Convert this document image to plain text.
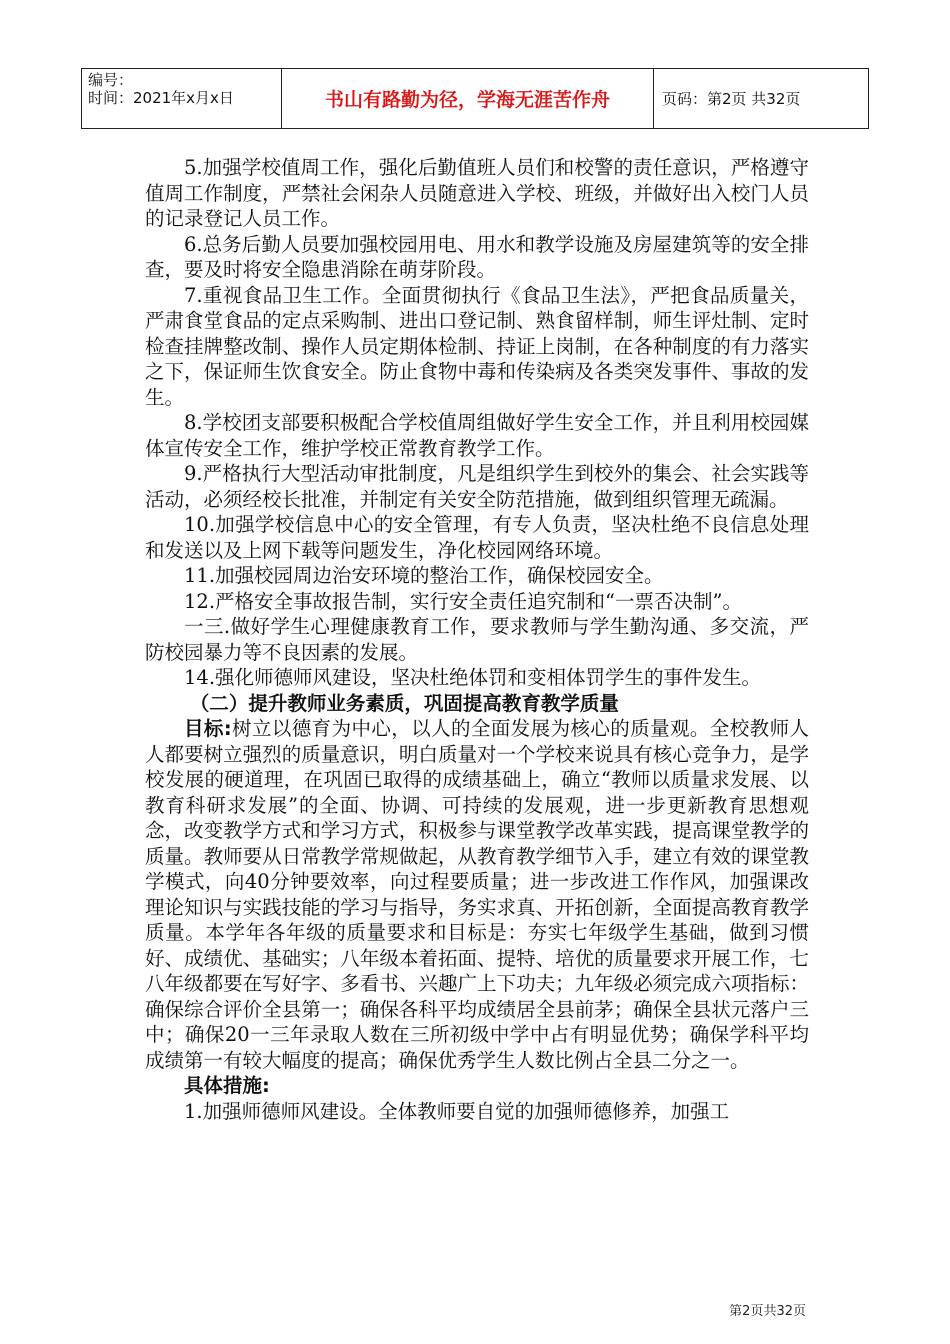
编号：
时间：2021年x月x日	书山有路勤为径，学海无涯苦作舟	页码：第2页 共32页

5.加强学校值周工作，强化后勤值班人员们和校警的责任意识，严格遵守值周工作制度，严禁社会闲杂人员随意进入学校、班级，并做好出入校门人员的记录登记人员工作。

6.总务后勤人员要加强校园用电、用水和教学设施及房屋建筑等的安全排查，要及时将安全隐患消除在萌芽阶段。

7.重视食品卫生工作。全面贯彻执行《食品卫生法》，严把食品质量关，严肃食堂食品的定点采购制、进出口登记制、熟食留样制，师生评灶制、定时检查挂牌整改制、操作人员定期体检制、持证上岗制，在各种制度的有力落实之下，保证师生饮食安全。防止食物中毒和传染病及各类突发事件、事故的发生。

8.学校团支部要积极配合学校值周组做好学生安全工作，并且利用校园媒体宣传安全工作，维护学校正常教育教学工作。

9.严格执行大型活动审批制度，凡是组织学生到校外的集会、社会实践等活动，必须经校长批准，并制定有关安全防范措施，做到组织管理无疏漏。

10.加强学校信息中心的安全管理，有专人负责，坚决杜绝不良信息处理和发送以及上网下载等问题发生，净化校园网络环境。

11.加强校园周边治安环境的整治工作，确保校园安全。

12.严格安全事故报告制，实行安全责任追究制和“一票否决制”。

一三.做好学生心理健康教育工作，要求教师与学生勤沟通、多交流，严防校园暴力等不良因素的发展。

14.强化师德师风建设，坚决杜绝体罚和变相体罚学生的事件发生。

（二）提升教师业务素质，巩固提高教育教学质量

目标:树立以德育为中心，以人的全面发展为核心的质量观。全校教师人人都要树立强烈的质量意识，明白质量对一个学校来说具有核心竞争力，是学校发展的硬道理，在巩固已取得的成绩基础上，确立“教师以质量求发展、以教育科研求发展”的全面、协调、可持续的发展观，进一步更新教育思想观念，改变教学方式和学习方式，积极参与课堂教学改革实践，提高课堂教学的质量。教师要从日常教学常规做起，从教育教学细节入手，建立有效的课堂教学模式，向40分钟要效率，向过程要质量；进一步改进工作作风，加强课改理论知识与实践技能的学习与指导，务实求真、开拓创新，全面提高教育教学质量。本学年各年级的质量要求和目标是：夯实七年级学生基础，做到习惯好、成绩优、基础实；八年级本着拓面、提特、培优的质量要求开展工作，七八年级都要在写好字、多看书、兴趣广上下功夫；九年级必须完成六项指标：确保综合评价全县第一；确保各科平均成绩居全县前茅；确保全县状元落户三中；确保20一三年录取人数在三所初级中学中占有明显优势；确保学科平均成绩第一有较大幅度的提高；确保优秀学生人数比例占全县二分之一。

具体措施:

1.加强师德师风建设。全体教师要自觉的加强师德修养，加强工

第2页共32页
